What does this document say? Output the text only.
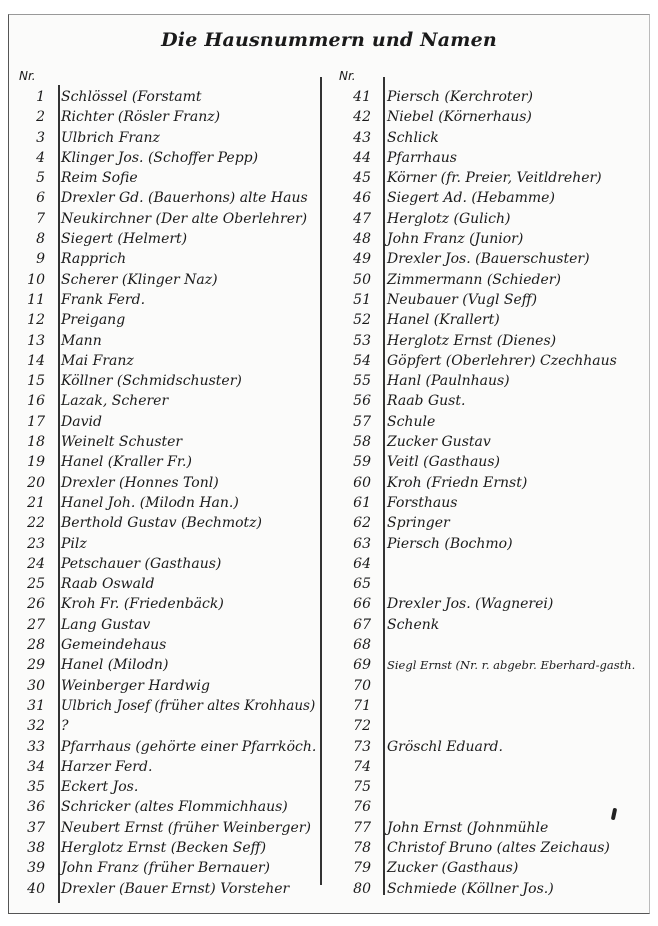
Die Hausnummern und Namen
Nr.	Nr.
1 Schlössel (Forstamt
2 Richter (Rösler Franz)
3 Ulbrich Franz
4 Klinger Jos. (Schoffer Pepp)
5 Reim Sofie
6 Drexler Gd. (Bauerhons) alte Haus
7 Neukirchner (Der alte Oberlehrer)
8 Siegert (Helmert)
9 Rapprich
10 Scherer (Klinger Naz)
11 Frank Ferd.
12 Preigang
13 Mann
14 Mai Franz
15 Köllner (Schmidschuster)
16 Lazak, Scherer
17 David
18 Weinelt Schuster
19 Hanel (Kraller Fr.)
20 Drexler (Honnes Tonl)
21 Hanel Joh. (Milodn Han.)
22 Berthold Gustav (Bechmotz)
23 Pilz
24 Petschauer (Gasthaus)
25 Raab Oswald
26 Kroh Fr. (Friedenbäck)
27 Lang Gustav
28 Gemeindehaus
29 Hanel (Milodn)
30 Weinberger Hardwig
31 Ulbrich Josef (früher altes Krohhaus)
32 ?
33 Pfarrhaus (gehörte einer Pfarrköch.
34 Harzer Ferd.
35 Eckert Jos.
36 Schricker (altes Flommichhaus)
37 Neubert Ernst (früher Weinberger)
38 Herglotz Ernst (Becken Seff)
39 John Franz (früher Bernauer)
40 Drexler (Bauer Ernst) Vorsteher
41 Piersch (Kerchroter)
42 Niebel (Körnerhaus)
43 Schlick
44 Pfarrhaus
45 Körner (fr. Preier, Veitldreher)
46 Siegert Ad. (Hebamme)
47 Herglotz (Gulich)
48 John Franz (Junior)
49 Drexler Jos. (Bauerschuster)
50 Zimmermann (Schieder)
51 Neubauer (Vugl Seff)
52 Hanel (Krallert)
53 Herglotz Ernst (Dienes)
54 Göpfert (Oberlehrer) Czechhaus
55 Hanl (Paulnhaus)
56 Raab Gust.
57 Schule
58 Zucker Gustav
59 Veitl (Gasthaus)
60 Kroh (Friedn Ernst)
61 Forsthaus
62 Springer
63 Piersch (Bochmo)
64
65
66 Drexler Jos. (Wagnerei)
67 Schenk
68
69 Siegl Ernst (Nr. r. abgebr. Eberhard-gasth.
70
71
72
73 Gröschl Eduard.
74
75
76
77 John Ernst (Johnmühle
78 Christof Bruno (altes Zeichaus)
79 Zucker (Gasthaus)
80 Schmiede (Köllner Jos.)
